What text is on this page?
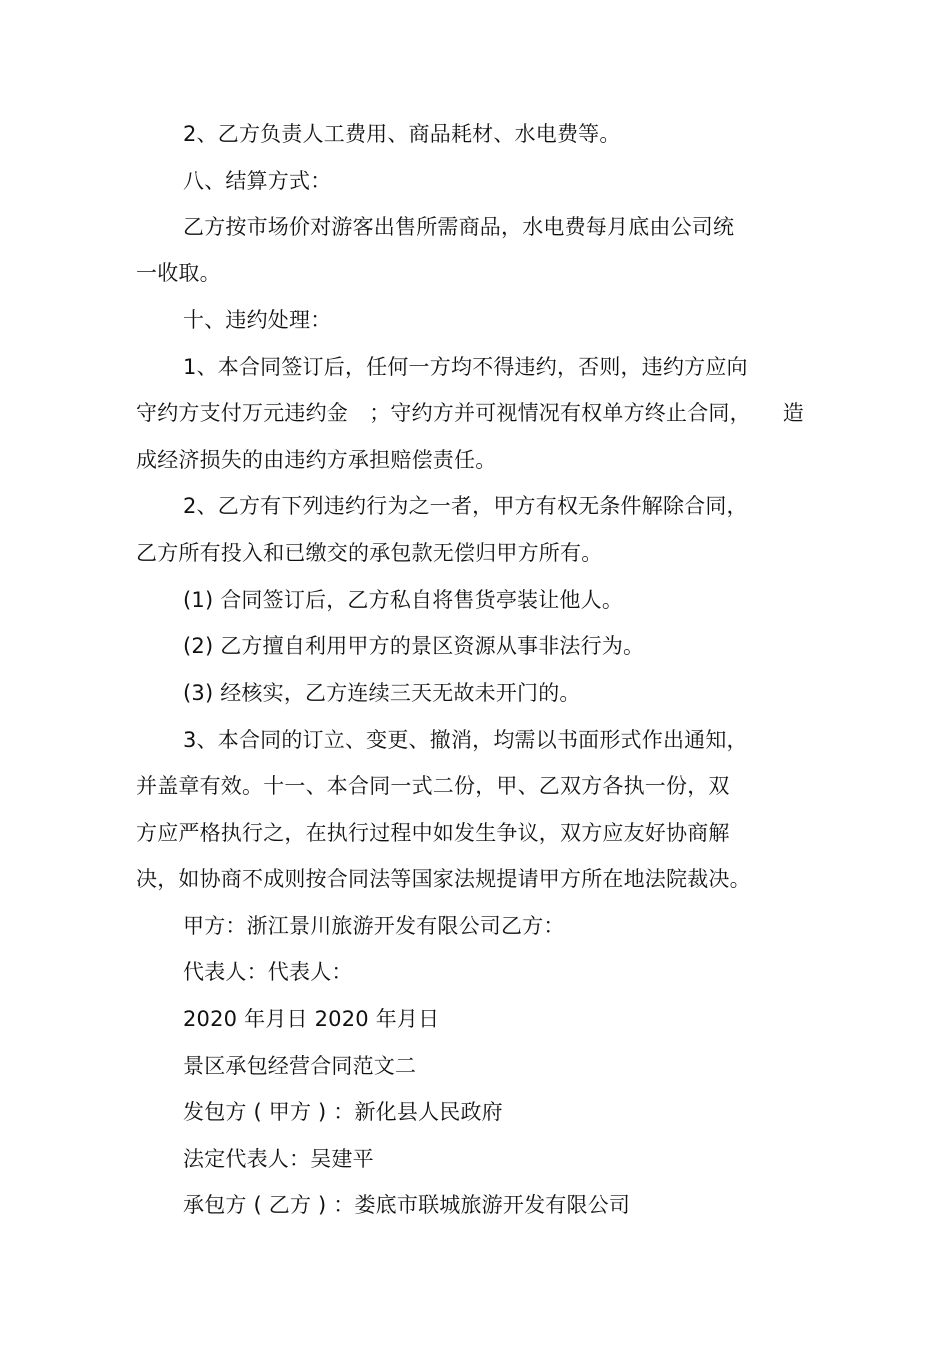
2、乙方负责人工费用、商品耗材、水电费等。
八、结算方式：
乙方按市场价对游客出售所需商品，水电费每月底由公司统
一收取。
十、违约处理：
1、本合同签订后，任何一方均不得违约，否则，违约方应向
守约方支付万元违约金　；守约方并可视情况有权单方终止合同，　　造
成经济损失的由违约方承担赔偿责任。
2、乙方有下列违约行为之一者，甲方有权无条件解除合同，
乙方所有投入和已缴交的承包款无偿归甲方所有。
(1) 合同签订后，乙方私自将售货亭装让他人。
(2) 乙方擅自利用甲方的景区资源从事非法行为。
(3) 经核实，乙方连续三天无故未开门的。
3、本合同的订立、变更、撤消，均需以书面形式作出通知，
并盖章有效。十一、本合同一式二份，甲、乙双方各执一份，双
方应严格执行之，在执行过程中如发生争议，双方应友好协商解
决，如协商不成则按合同法等国家法规提请甲方所在地法院裁决。
甲方：浙江景川旅游开发有限公司乙方：
代表人：代表人：
2020 年月日 2020 年月日
景区承包经营合同范文二
发包方 ( 甲方 ) ：新化县人民政府
法定代表人：吴建平
承包方 ( 乙方 ) ：娄底市联城旅游开发有限公司
